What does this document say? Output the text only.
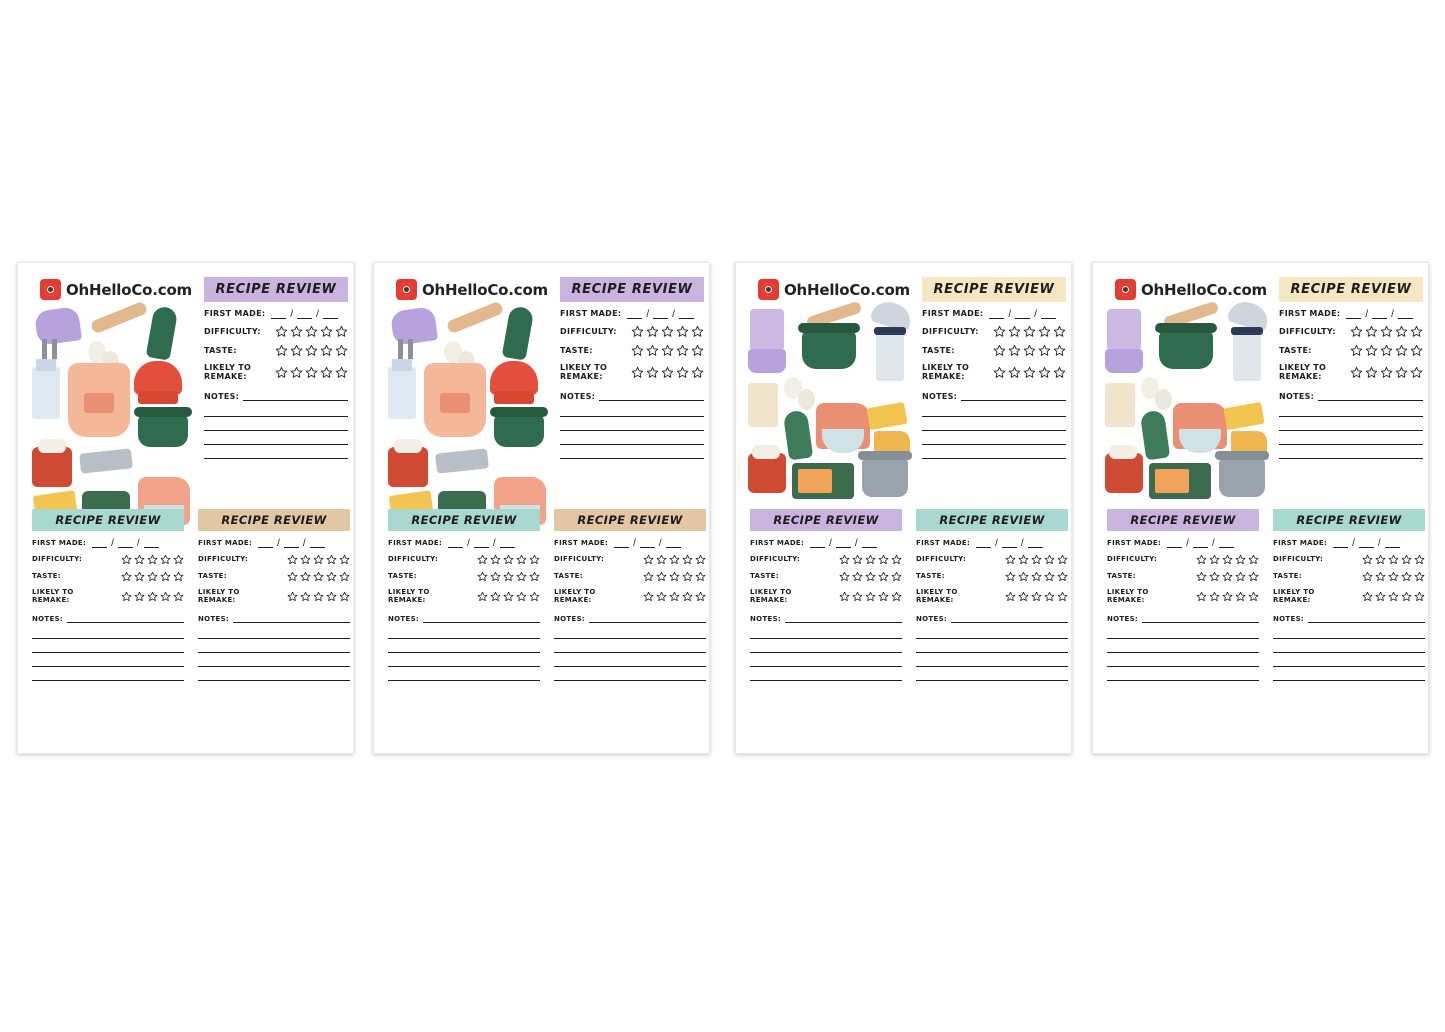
OhHelloCo.com	RECIPE REVIEW
FIRST MADE:	/ /
DIFFICULTY:
TASTE:
LIKELY TO
REMAKE:
NOTES:
RECIPE REVIEW
FIRST MADE:	/ /
DIFFICULTY:
TASTE:
LIKELY TO
REMAKE:
NOTES:
RECIPE REVIEW
FIRST MADE:	/ /
DIFFICULTY:
TASTE:
LIKELY TO
REMAKE:
NOTES:
OhHelloCo.com	RECIPE REVIEW
FIRST MADE:	/ /
DIFFICULTY:
TASTE:
LIKELY TO
REMAKE:
NOTES:
RECIPE REVIEW
FIRST MADE:	/ /
DIFFICULTY:
TASTE:
LIKELY TO
REMAKE:
NOTES:
RECIPE REVIEW
FIRST MADE:	/ /
DIFFICULTY:
TASTE:
LIKELY TO
REMAKE:
NOTES:
OhHelloCo.com	RECIPE REVIEW
FIRST MADE:	/ /
DIFFICULTY:
TASTE:
LIKELY TO
REMAKE:
NOTES:
RECIPE REVIEW
FIRST MADE:	/ /
DIFFICULTY:
TASTE:
LIKELY TO
REMAKE:
NOTES:
RECIPE REVIEW
FIRST MADE:	/ /
DIFFICULTY:
TASTE:
LIKELY TO
REMAKE:
NOTES:
OhHelloCo.com	RECIPE REVIEW
FIRST MADE:	/ /
DIFFICULTY:
TASTE:
LIKELY TO
REMAKE:
NOTES:
RECIPE REVIEW
FIRST MADE:	/ /
DIFFICULTY:
TASTE:
LIKELY TO
REMAKE:
NOTES:
RECIPE REVIEW
FIRST MADE:	/ /
DIFFICULTY:
TASTE:
LIKELY TO
REMAKE:
NOTES:
